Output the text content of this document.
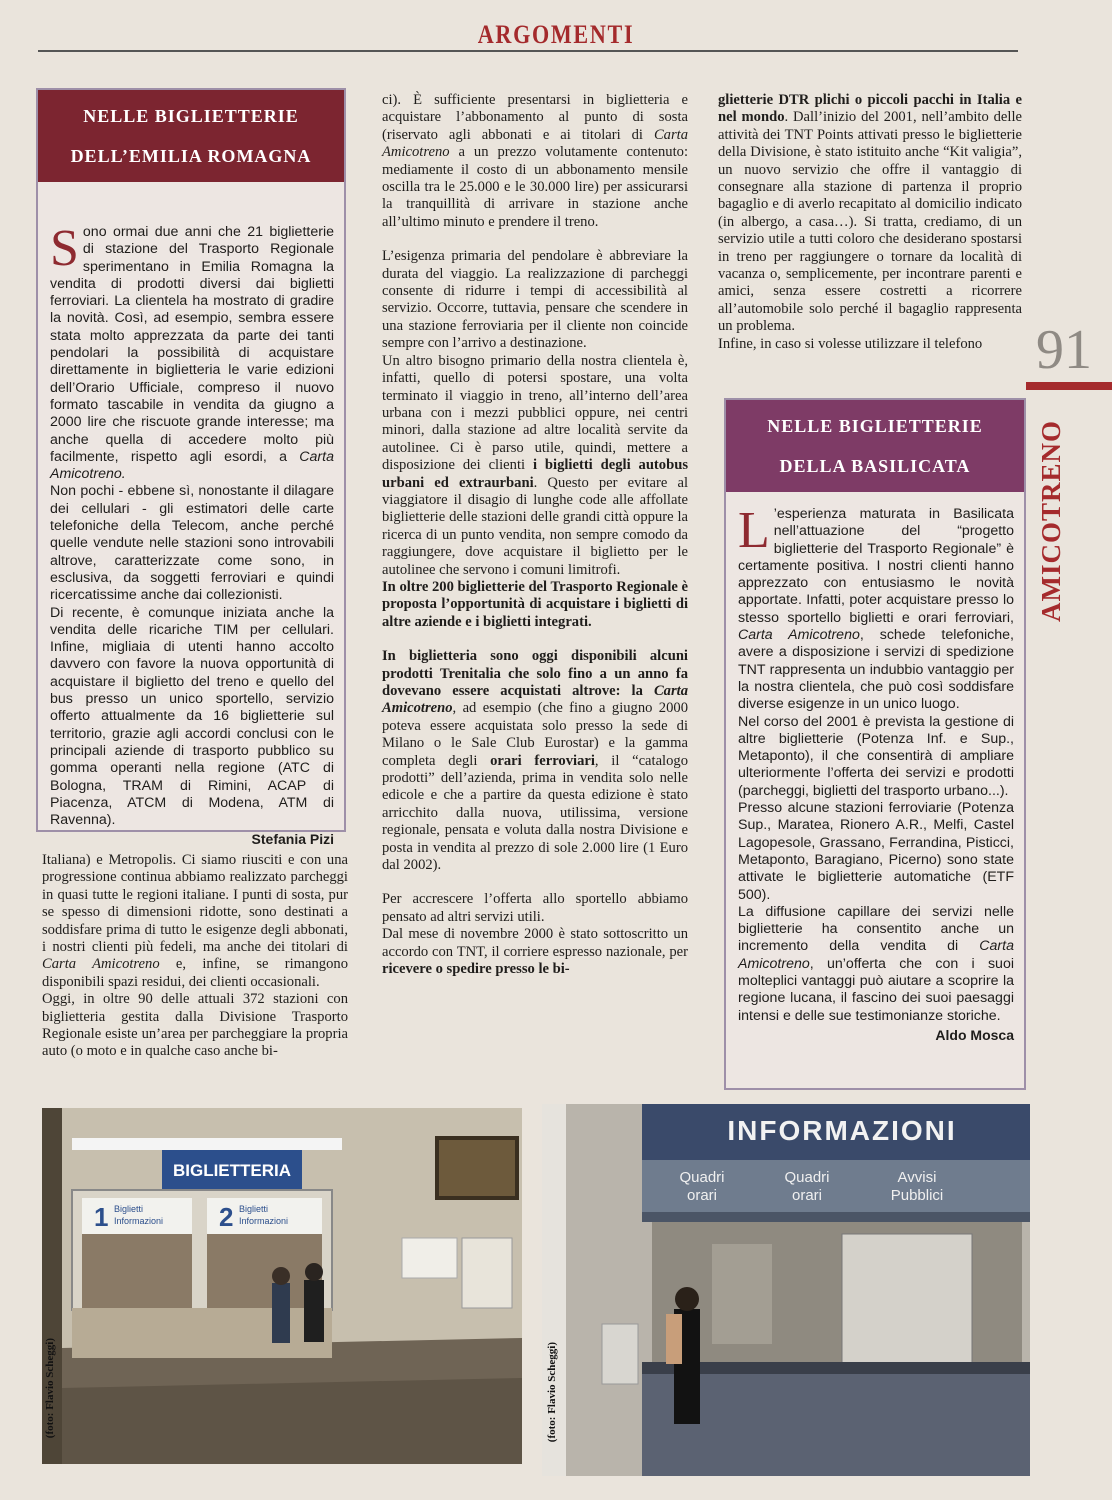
ARGOMENTI
91
AMICOTRENO
NELLE BIGLIETTERIE
DELL’EMILIA ROMAGNA

Sono ormai due anni che 21 biglietterie di stazione del Trasporto Regionale sperimentano in Emilia Romagna la vendita di prodotti diversi dai biglietti ferroviari. La clientela ha mostrato di gradire la novità. Così, ad esempio, sembra essere stata molto apprezzata da parte dei tanti pendolari la possibilità di acquistare direttamente in biglietteria le varie edizioni dell’Orario Ufficiale, compreso il nuovo formato tascabile in vendita da giugno a 2000 lire che riscuote grande interesse; ma anche quella di accedere molto più facilmente, rispetto agli esordi, a Carta Amicotreno.

Non pochi - ebbene sì, nonostante il dilagare dei cellulari - gli estimatori delle carte telefoniche della Telecom, anche perché quelle vendute nelle stazioni sono introvabili altrove, caratterizzate come sono, in esclusiva, da soggetti ferroviari e quindi ricercatissime anche dai collezionisti.

Di recente, è comunque iniziata anche la vendita delle ricariche TIM per cellulari. Infine, migliaia di utenti hanno accolto davvero con favore la nuova opportunità di acquistare il biglietto del treno e quello del bus presso un unico sportello, servizio offerto attualmente da 16 biglietterie sul territorio, grazie agli accordi conclusi con le principali aziende di trasporto pubblico su gomma operanti nella regione (ATC di Bologna, TRAM di Rimini, ACAP di Piacenza, ATCM di Modena, ATM di Ravenna).

Stefania Pizi

Italiana) e Metropolis. Ci siamo riusciti e con una progressione continua abbiamo realizzato parcheggi in quasi tutte le regioni italiane. I punti di sosta, pur se spesso di dimensioni ridotte, sono destinati a soddisfare prima di tutto le esigenze degli abbonati, i nostri clienti più fedeli, ma anche dei titolari di Carta Amicotreno e, infine, se rimangono disponibili spazi residui, dei clienti occasionali.

Oggi, in oltre 90 delle attuali 372 stazioni con biglietteria gestita dalla Divisione Trasporto Regionale esiste un’area per parcheggiare la propria auto (o moto e in qualche caso anche bi-

ci). È sufficiente presentarsi in biglietteria e acquistare l’abbonamento al punto di sosta (riservato agli abbonati e ai titolari di Carta Amicotreno a un prezzo volutamente contenuto: mediamente il costo di un abbonamento mensile oscilla tra le 25.000 e le 30.000 lire) per assicurarsi la tranquillità di arrivare in stazione anche all’ultimo minuto e prendere il treno.

L’esigenza primaria del pendolare è abbreviare la durata del viaggio. La realizzazione di parcheggi consente di ridurre i tempi di accessibilità al servizio. Occorre, tuttavia, pensare che scendere in una stazione ferroviaria per il cliente non coincide sempre con l’arrivo a destinazione.

Un altro bisogno primario della nostra clientela è, infatti, quello di potersi spostare, una volta terminato il viaggio in treno, all’interno dell’area urbana con i mezzi pubblici oppure, nei centri minori, dalla stazione ad altre località servite da autolinee. Ci è parso utile, quindi, mettere a disposizione dei clienti i biglietti degli autobus urbani ed extraurbani. Questo per evitare al viaggiatore il disagio di lunghe code alle affollate biglietterie delle stazioni delle grandi città oppure la ricerca di un punto vendita, non sempre comodo da raggiungere, dove acquistare il biglietto per le autolinee che servono i comuni limitrofi.

In oltre 200 biglietterie del Trasporto Regionale è proposta l’opportunità di acquistare i biglietti di altre aziende e i biglietti integrati.

In biglietteria sono oggi disponibili alcuni prodotti Trenitalia che solo fino a un anno fa dovevano essere acquistati altrove: la Carta Amicotreno, ad esempio (che fino a giugno 2000 poteva essere acquistata solo presso la sede di Milano o le Sale Club Eurostar) e la gamma completa degli orari ferroviari, il “catalogo prodotti” dell’azienda, prima in vendita solo nelle edicole e che a partire da questa edizione è stato arricchito dalla nuova, utilissima, versione regionale, pensata e voluta dalla nostra Divisione e posta in vendita al prezzo di sole 2.000 lire (1 Euro dal 2002).

Per accrescere l’offerta allo sportello abbiamo pensato ad altri servizi utili.

Dal mese di novembre 2000 è stato sottoscritto un accordo con TNT, il corriere espresso nazionale, per ricevere o spedire presso le bi-

glietterie DTR plichi o piccoli pacchi in Italia e nel mondo. Dall’inizio del 2001, nell’ambito delle attività dei TNT Points attivati presso le biglietterie della Divisione, è stato istituito anche “Kit valigia”, un nuovo servizio che offre il vantaggio di consegnare alla stazione di partenza il proprio bagaglio e di averlo recapitato al domicilio indicato (in albergo, a casa…). Si tratta, crediamo, di un servizio utile a tutti coloro che desiderano spostarsi in treno per raggiungere o tornare da località di vacanza o, semplicemente, per incontrare parenti e amici, senza essere costretti a ricorrere all’automobile solo perché il bagaglio rappresenta un problema.

Infine, in caso si volesse utilizzare il telefono

NELLE BIGLIETTERIE
DELLA BASILICATA

L ’esperienza maturata in Basilicata nell’attuazione del “progetto biglietterie del Trasporto Regionale” è certamente positiva. I nostri clienti hanno apprezzato con entusiasmo le novità apportate. Infatti, poter acquistare presso lo stesso sportello biglietti e orari ferroviari, Carta Amicotreno, schede telefoniche, avere a disposizione i servizi di spedizione TNT rappresenta un indubbio vantaggio per la nostra clientela, che può così soddisfare diverse esigenze in un unico luogo.

Nel corso del 2001 è prevista la gestione di altre biglietterie (Potenza Inf. e Sup., Metaponto), il che consentirà di ampliare ulteriormente l’offerta dei servizi e prodotti (parcheggi, biglietti del trasporto urbano...).

Presso alcune stazioni ferroviarie (Potenza Sup., Maratea, Rionero A.R., Melfi, Castel Lagopesole, Grassano, Ferrandina, Pisticci, Metaponto, Baragiano, Picerno) sono state attivate le biglietterie automatiche (ETF 500).

La diffusione capillare dei servizi nelle biglietterie ha consentito anche un incremento della vendita di Carta Amicotreno, un’offerta che con i suoi molteplici vantaggi può aiutare a scoprire la regione lucana, il fascino dei suoi paesaggi intensi e delle sue testimonianze storiche.

Aldo Mosca

BIGLIETTERIA
1 Biglietti
Informazioni 2 Biglietti
Informazioni
(foto: Flavio Scheggi)
INFORMAZIONI
Quadri
orari
Quadri
orari
Avvisi
Pubblici
(foto: Flavio Scheggi)
